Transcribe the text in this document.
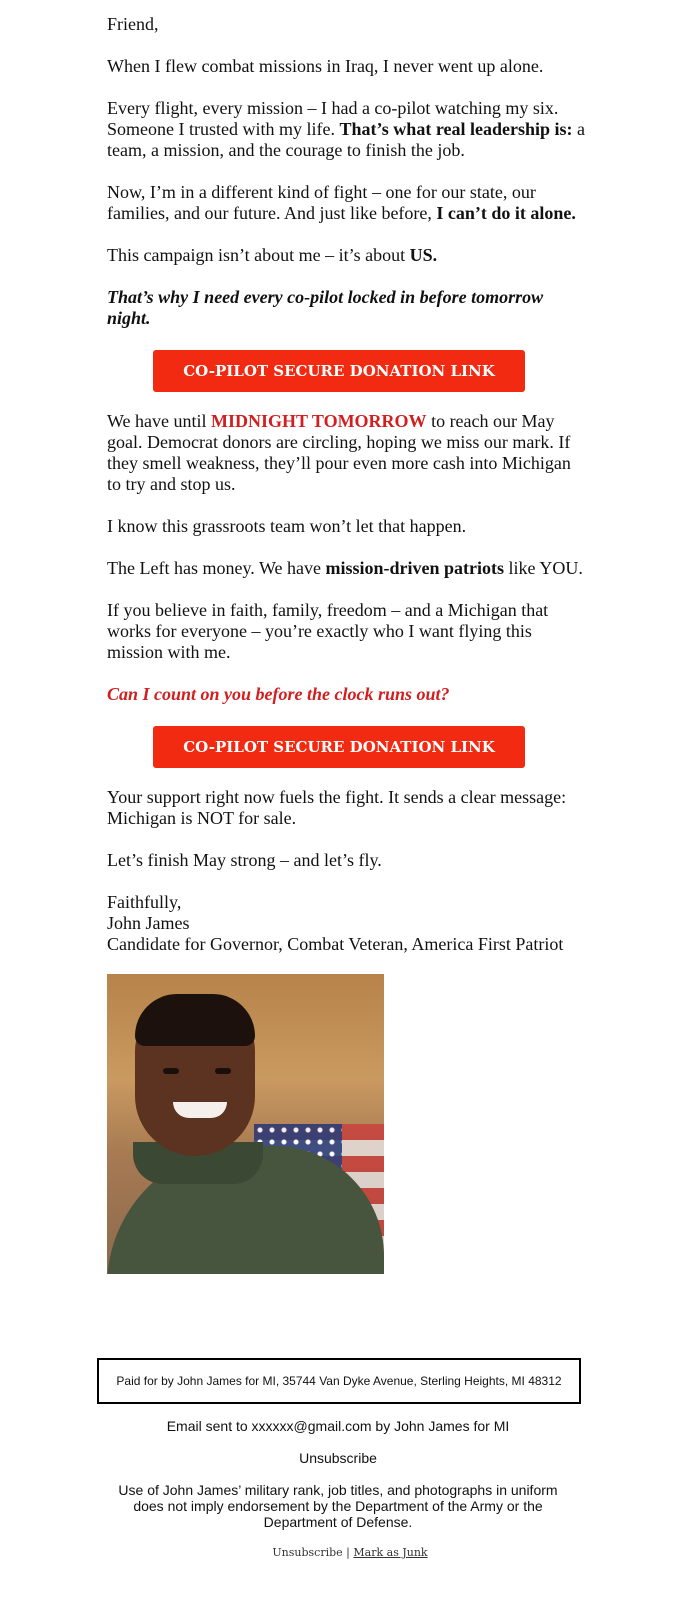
Friend,

When I flew combat missions in Iraq, I never went up alone.

Every flight, every mission – I had a co-pilot watching my six. Someone I trusted with my life. That’s what real leadership is: a team, a mission, and the courage to finish the job.

Now, I’m in a different kind of fight – one for our state, our families, and our future. And just like before, I can’t do it alone.

This campaign isn’t about me – it’s about US.

That’s why I need every co-pilot locked in before tomorrow night.

CO-PILOT SECURE DONATION LINK

We have until MIDNIGHT TOMORROW to reach our May goal. Democrat donors are circling, hoping we miss our mark. If they smell weakness, they’ll pour even more cash into Michigan to try and stop us.

I know this grassroots team won’t let that happen.

The Left has money. We have mission-driven patriots like YOU.

If you believe in faith, family, freedom – and a Michigan that works for everyone – you’re exactly who I want flying this mission with me.

Can I count on you before the clock runs out?

CO-PILOT SECURE DONATION LINK

Your support right now fuels the fight. It sends a clear message: Michigan is NOT for sale.

Let’s finish May strong – and let’s fly.

Faithfully,
John James
Candidate for Governor, Combat Veteran, America First Patriot

Paid for by John James for MI, 35744 Van Dyke Avenue, Sterling Heights, MI 48312

Email sent to xxxxxx@gmail.com by John James for MI

Unsubscribe

Use of John James’ military rank, job titles, and photographs in uniform does not imply endorsement by the Department of the Army or the Department of Defense.

Unsubscribe | Mark as Junk
